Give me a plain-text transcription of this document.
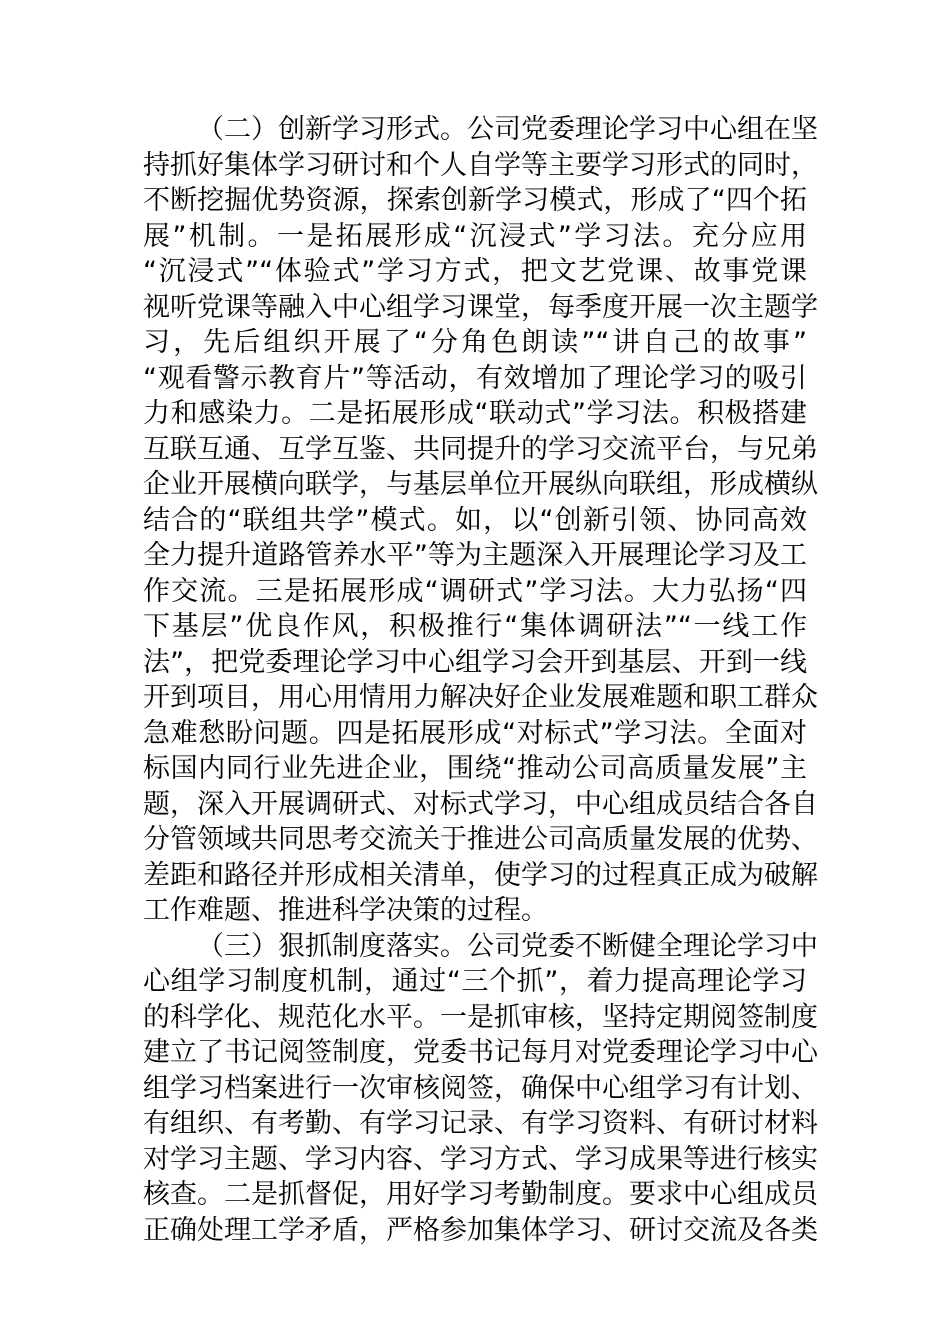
（二）创新学习形式。公司党委理论学习中心组在坚
持抓好集体学习研讨和个人自学等主要学习形式的同时，
不断挖掘优势资源，探索创新学习模式，形成了“四个拓
展”机制。一是拓展形成“沉浸式”学习法。充分应用
“沉浸式”“体验式”学习方式，把文艺党课、故事党课
视听党课等融入中心组学习课堂，每季度开展一次主题学
习，先后组织开展了“分角色朗读”“讲自己的故事”
“观看警示教育片”等活动，有效增加了理论学习的吸引
力和感染力。二是拓展形成“联动式”学习法。积极搭建
互联互通、互学互鉴、共同提升的学习交流平台，与兄弟
企业开展横向联学，与基层单位开展纵向联组，形成横纵
结合的“联组共学”模式。如，以“创新引领、协同高效
全力提升道路管养水平”等为主题深入开展理论学习及工
作交流。三是拓展形成“调研式”学习法。大力弘扬“四
下基层”优良作风，积极推行“集体调研法”“一线工作
法”，把党委理论学习中心组学习会开到基层、开到一线
开到项目，用心用情用力解决好企业发展难题和职工群众
急难愁盼问题。四是拓展形成“对标式”学习法。全面对
标国内同行业先进企业，围绕“推动公司高质量发展”主
题，深入开展调研式、对标式学习，中心组成员结合各自
分管领域共同思考交流关于推进公司高质量发展的优势、
差距和路径并形成相关清单，使学习的过程真正成为破解
工作难题、推进科学决策的过程。
（三）狠抓制度落实。公司党委不断健全理论学习中
心组学习制度机制，通过“三个抓”，着力提高理论学习
的科学化、规范化水平。一是抓审核，坚持定期阅签制度
建立了书记阅签制度，党委书记每月对党委理论学习中心
组学习档案进行一次审核阅签，确保中心组学习有计划、
有组织、有考勤、有学习记录、有学习资料、有研讨材料
对学习主题、学习内容、学习方式、学习成果等进行核实
核查。二是抓督促，用好学习考勤制度。要求中心组成员
正确处理工学矛盾，严格参加集体学习、研讨交流及各类
